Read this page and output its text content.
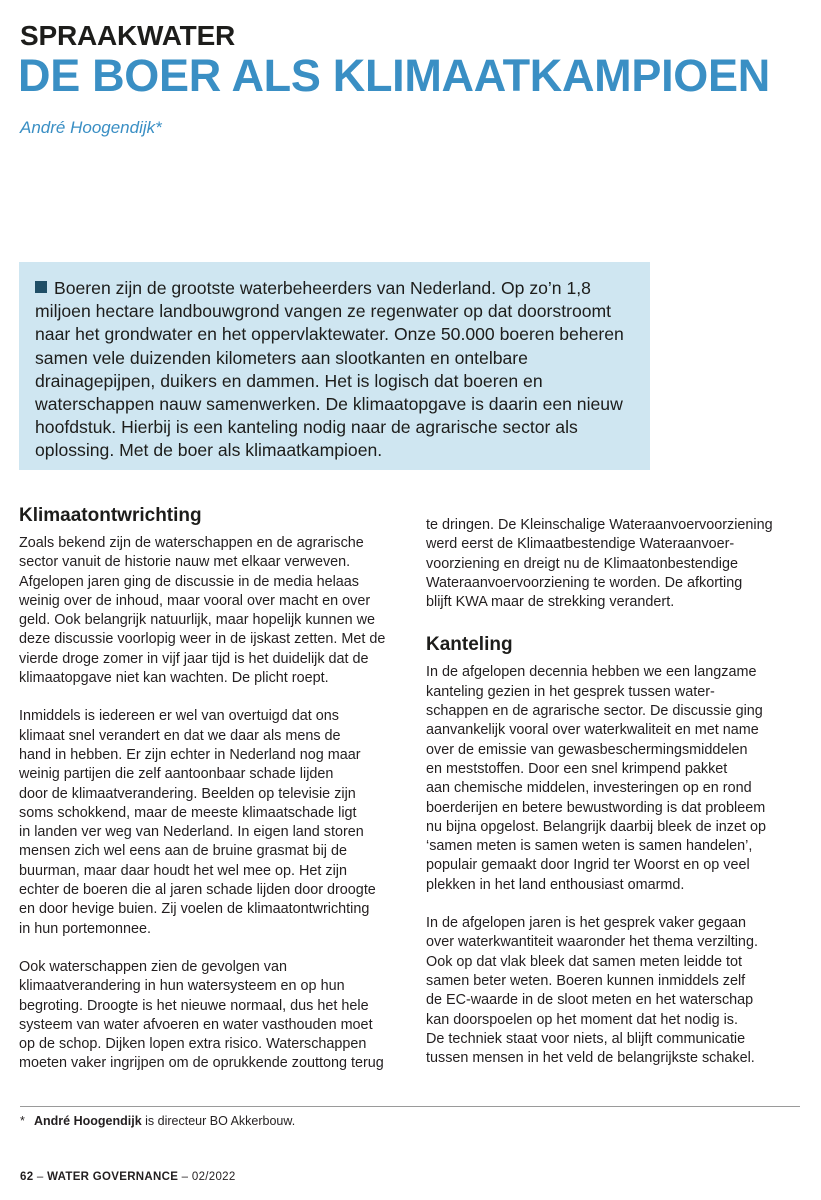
SPRAAKWATER
DE BOER ALS KLIMAATKAMPIOEN
André Hoogendijk*

Boeren zijn de grootste waterbeheerders van Nederland. Op zo’n 1,8 miljoen hectare landbouwgrond vangen ze regenwater op dat doorstroomt naar het grondwater en het oppervlaktewater. Onze 50.000 boeren beheren samen vele duizenden kilometers aan slootkanten en ontelbare drainagepijpen, duikers en dammen. Het is logisch dat boeren en waterschappen nauw samenwerken. De klimaatopgave is daarin een nieuw hoofdstuk. Hierbij is een kanteling nodig naar de agrarische sector als oplossing. Met de boer als klimaatkampioen.

Klimaatontwrichting

Zoals bekend zijn de waterschappen en de agrarische
sector vanuit de historie nauw met elkaar verweven.
Afgelopen jaren ging de discussie in de media helaas
weinig over de inhoud, maar vooral over macht en over
geld. Ook belangrijk natuurlijk, maar hopelijk kunnen we
deze discussie voorlopig weer in de ijskast zetten. Met de
vierde droge zomer in vijf jaar tijd is het duidelijk dat de
klimaatopgave niet kan wachten. De plicht roept.

Inmiddels is iedereen er wel van overtuigd dat ons
klimaat snel verandert en dat we daar als mens de
hand in hebben. Er zijn echter in Nederland nog maar
weinig partijen die zelf aantoonbaar schade lijden
door de klimaatverandering. Beelden op televisie zijn
soms schokkend, maar de meeste klimaatschade ligt
in landen ver weg van Nederland. In eigen land storen
mensen zich wel eens aan de bruine grasmat bij de
buurman, maar daar houdt het wel mee op. Het zijn
echter de boeren die al jaren schade lijden door droogte
en door hevige buien. Zij voelen de klimaatontwrichting
in hun portemonnee.

Ook waterschappen zien de gevolgen van
klimaatverandering in hun watersysteem en op hun
begroting. Droogte is het nieuwe normaal, dus het hele
systeem van water afvoeren en water vasthouden moet
op de schop. Dijken lopen extra risico. Waterschappen
moeten vaker ingrijpen om de oprukkende zouttong terug

te dringen. De Kleinschalige Wateraanvoervoorziening
werd eerst de Klimaatbestendige Wateraanvoer-
voorziening en dreigt nu de Klimaatonbestendige
Wateraanvoervoorziening te worden. De afkorting
blijft KWA maar de strekking verandert.

Kanteling

In de afgelopen decennia hebben we een langzame
kanteling gezien in het gesprek tussen water-
schappen en de agrarische sector. De discussie ging
aanvankelijk vooral over waterkwaliteit en met name
over de emissie van gewasbeschermingsmiddelen
en meststoffen. Door een snel krimpend pakket
aan chemische middelen, investeringen op en rond
boerderijen en betere bewustwording is dat probleem
nu bijna opgelost. Belangrijk daarbij bleek de inzet op
‘samen meten is samen weten is samen handelen’,
populair gemaakt door Ingrid ter Woorst en op veel
plekken in het land enthousiast omarmd.

In de afgelopen jaren is het gesprek vaker gegaan
over waterkwantiteit waaronder het thema verzilting.
Ook op dat vlak bleek dat samen meten leidde tot
samen beter weten. Boeren kunnen inmiddels zelf
de EC-waarde in de sloot meten en het waterschap
kan doorspoelen op het moment dat het nodig is.
De techniek staat voor niets, al blijft communicatie
tussen mensen in het veld de belangrijkste schakel.

* André Hoogendijk is directeur BO Akkerbouw.
62 – WATER GOVERNANCE – 02/2022
